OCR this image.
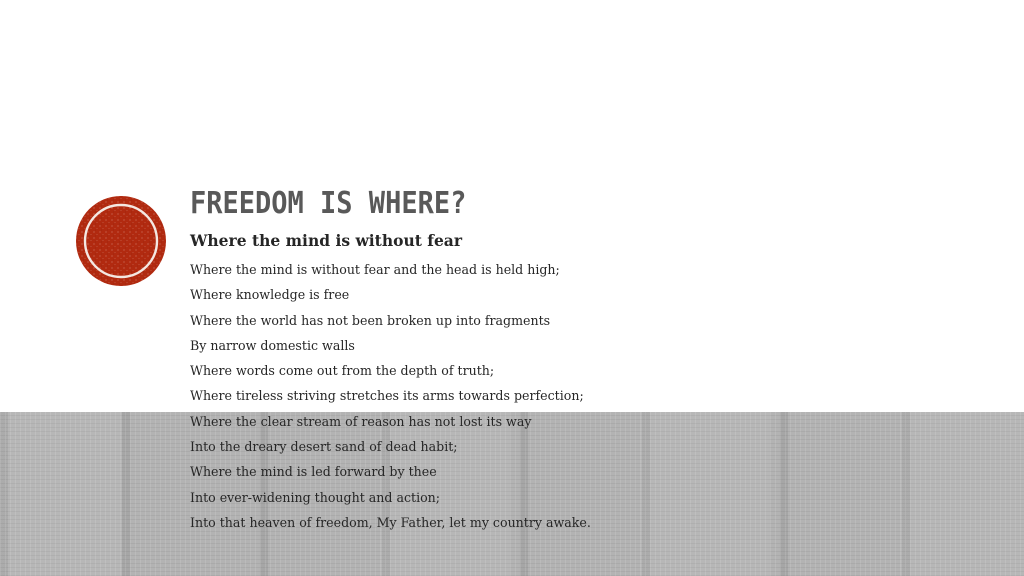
FREEDOM IS WHERE?
Where the mind is without fear
Where the mind is without fear and the head is held high;
Where knowledge is free
Where the world has not been broken up into fragments
By narrow domestic walls
Where words come out from the depth of truth;
Where tireless striving stretches its arms towards perfection;
Where the clear stream of reason has not lost its way
Into the dreary desert sand of dead habit;
Where the mind is led forward by thee
Into ever-widening thought and action;
Into that heaven of freedom, My Father, let my country awake.
